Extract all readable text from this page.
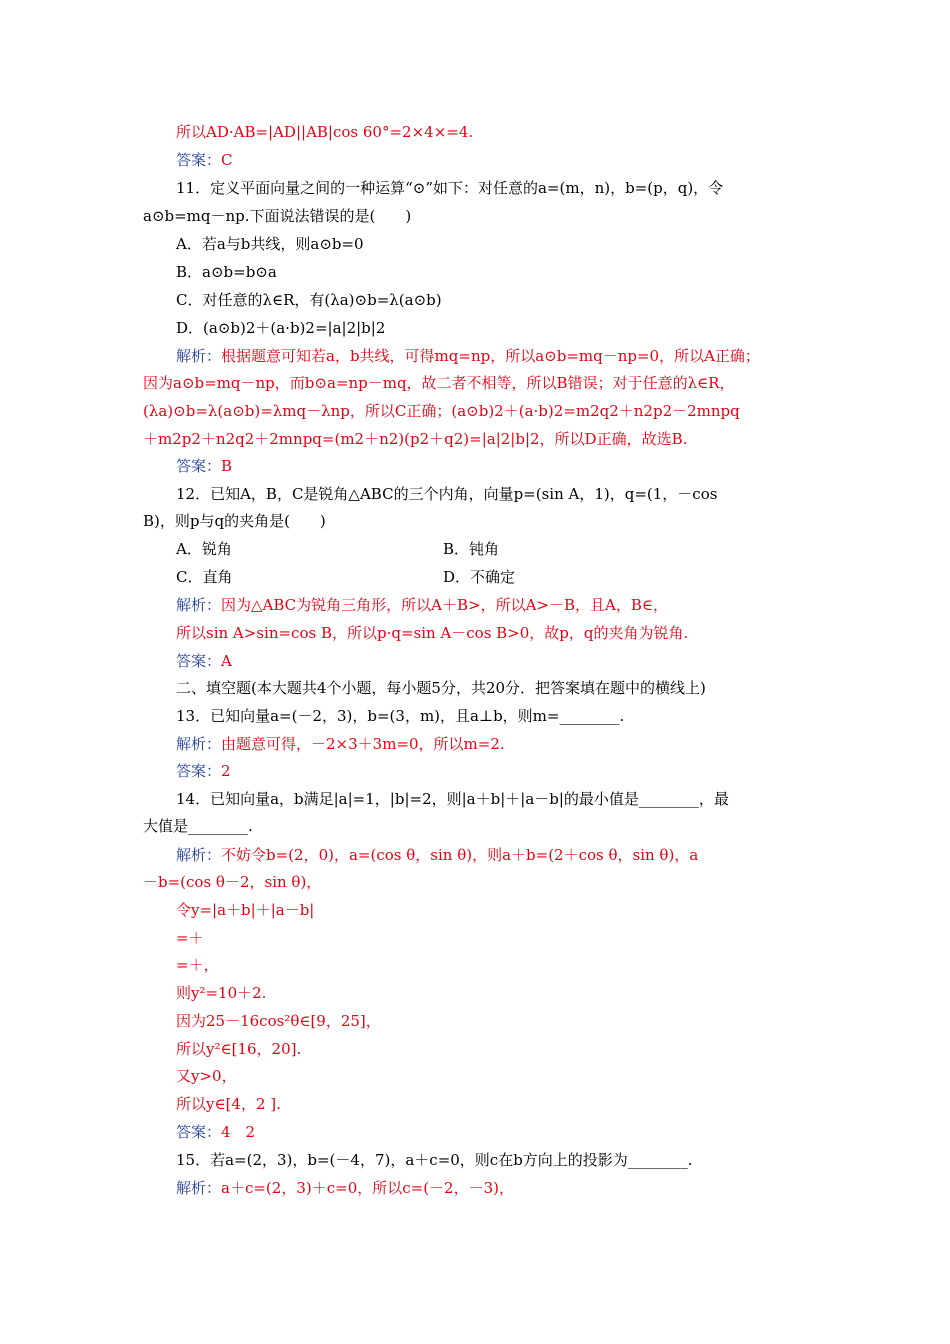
所以AD·AB=|AD||AB|cos 60°=2×4×=4.
答案：C
11．定义平面向量之间的一种运算“⊙”如下：对任意的a=(m，n)，b=(p，q)，令
a⊙b=mq－np.下面说法错误的是(　　)
A．若a与b共线，则a⊙b=0
B．a⊙b=b⊙a
C．对任意的λ∈R，有(λa)⊙b=λ(a⊙b)
D．(a⊙b)2＋(a·b)2=|a|2|b|2
解析：根据题意可知若a，b共线，可得mq=np，所以a⊙b=mq－np=0，所以A正确；
因为a⊙b=mq－np，而b⊙a=np－mq，故二者不相等，所以B错误；对于任意的λ∈R，
(λa)⊙b=λ(a⊙b)=λmq－λnp，所以C正确；(a⊙b)2＋(a·b)2=m2q2＋n2p2－2mnpq
＋m2p2＋n2q2＋2mnpq=(m2＋n2)(p2＋q2)=|a|2|b|2，所以D正确，故选B.
答案：B
12．已知A，B，C是锐角△ABC的三个内角，向量p=(sin A，1)，q=(1，－cos
B)，则p与q的夹角是(　　)
A．锐角
C．直角
解析：因为△ABC为锐角三角形，所以A＋B>，所以A>－B，且A，B∈，
所以sin A>sin=cos B，所以p·q=sin A－cos B>0，故p，q的夹角为锐角.
答案：A
二、填空题(本大题共4个小题，每小题5分，共20分．把答案填在题中的横线上)
13．已知向量a=(－2，3)，b=(3，m)，且a⊥b，则m=________.
解析：由题意可得，－2×3＋3m=0，所以m=2.
答案：2
14．已知向量a，b满足|a|=1，|b|=2，则|a＋b|＋|a－b|的最小值是________，最
大值是________.
解析：不妨令b=(2，0)，a=(cos θ，sin θ)，则a＋b=(2＋cos θ，sin θ)，a
－b=(cos θ－2，sin θ)，
令y=|a＋b|＋|a－b|
=＋
=＋，
则y²=10＋2.
因为25－16cos²θ∈[9，25]，
所以y²∈[16，20].
又y>0，
所以y∈[4，2 ].
答案：4　2
15．若a=(2，3)，b=(－4，7)，a＋c=0，则c在b方向上的投影为________.
解析：a＋c=(2，3)＋c=0，所以c=(－2，－3)，
B．钝角
D．不确定
